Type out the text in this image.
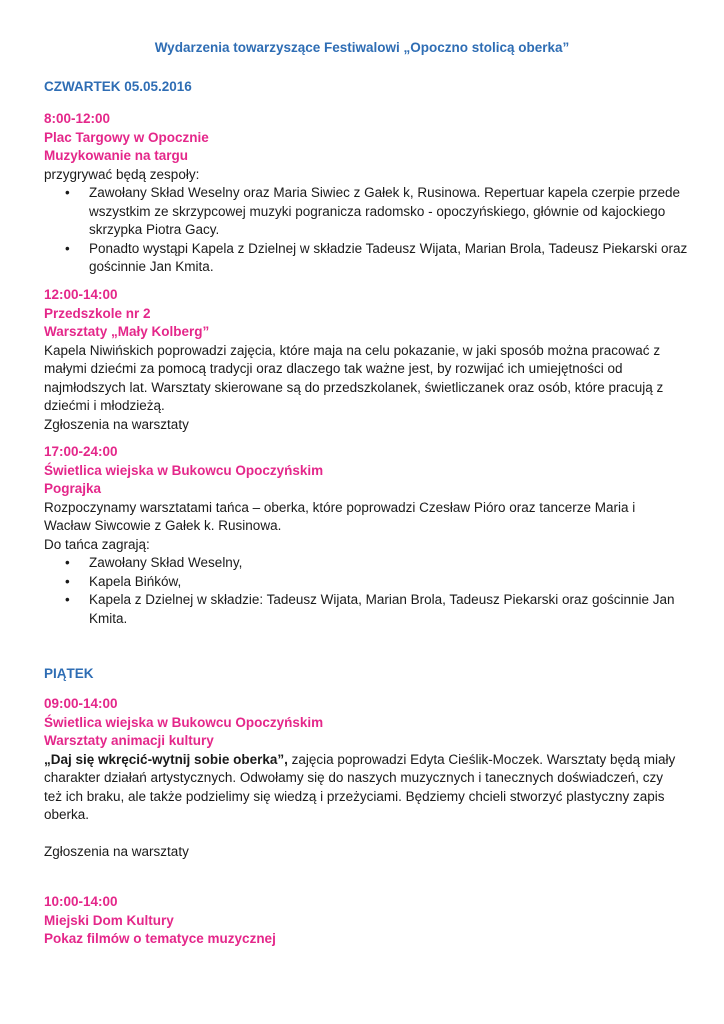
Wydarzenia towarzyszące Festiwalowi „Opoczno stolicą oberka”
CZWARTEK 05.05.2016
8:00-12:00
Plac Targowy w Opocznie
Muzykowanie na targu
przygrywać będą zespoły:
• Zawołany Skład Weselny oraz Maria Siwiec z Gałek k, Rusinowa. Repertuar kapela czerpie przede wszystkim ze skrzypcowej muzyki pogranicza radomsko - opoczyńskiego, głównie od kajockiego skrzypka Piotra Gacy.
• Ponadto wystąpi Kapela z Dzielnej w składzie Tadeusz Wijata, Marian Brola, Tadeusz Piekarski oraz gościnnie Jan Kmita.
12:00-14:00
Przedszkole nr 2
Warsztaty „Mały Kolberg”

Kapela Niwińskich poprowadzi zajęcia, które maja na celu pokazanie, w jaki sposób można pracować z małymi dziećmi za pomocą tradycji oraz dlaczego tak ważne jest, by rozwijać ich umiejętności od najmłodszych lat. Warsztaty skierowane są do przedszkolanek, świetliczanek oraz osób, które pracują z dziećmi i młodzieżą.

Zgłoszenia na warsztaty
17:00-24:00
Świetlica wiejska w Bukowcu Opoczyńskim
Pograjka

Rozpoczynamy warsztatami tańca – oberka, które poprowadzi Czesław Pióro oraz tancerze Maria i Wacław Siwcowie z Gałek k. Rusinowa.

Do tańca zagrają:
• Zawołany Skład Weselny,
• Kapela Bińków,
• Kapela z Dzielnej w składzie: Tadeusz Wijata, Marian Brola, Tadeusz Piekarski oraz gościnnie Jan Kmita.
PIĄTEK
09:00-14:00
Świetlica wiejska w Bukowcu Opoczyńskim
Warsztaty animacji kultury

„Daj się wkręcić-wytnij sobie oberka”, zajęcia poprowadzi Edyta Cieślik-Moczek. Warsztaty będą miały charakter działań artystycznych. Odwołamy się do naszych muzycznych i tanecznych doświadczeń, czy też ich braku, ale także podzielimy się wiedzą i przeżyciami. Będziemy chcieli stworzyć plastyczny zapis oberka.

Zgłoszenia na warsztaty
10:00-14:00
Miejski Dom Kultury
Pokaz filmów o tematyce muzycznej
